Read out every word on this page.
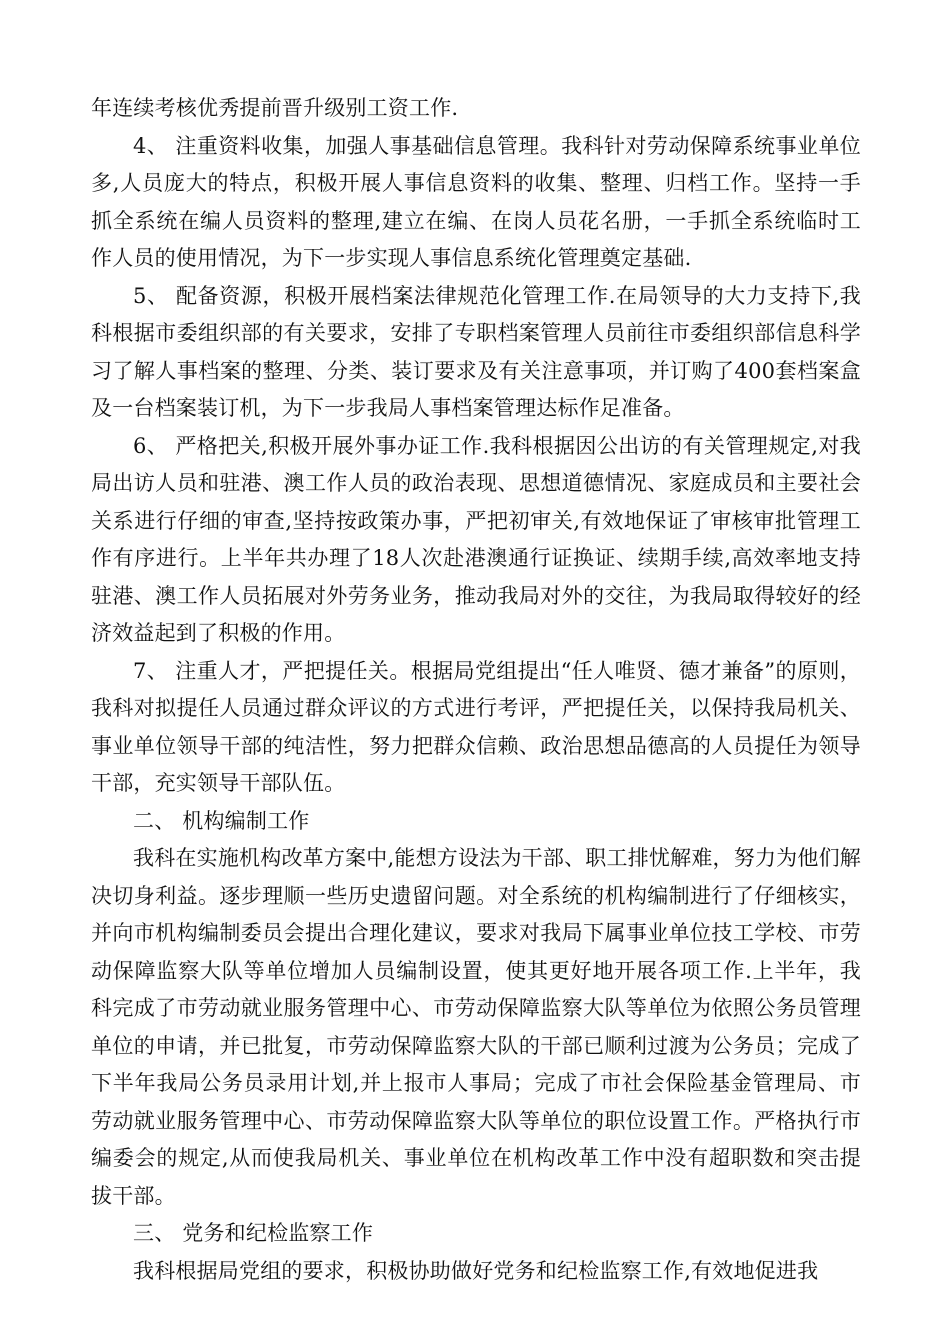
年连续考核优秀提前晋升级别工资工作.

4、 注重资料收集，加强人事基础信息管理。我科针对劳动保障系统事业单位多,人员庞大的特点，积极开展人事信息资料的收集、整理、归档工作。坚持一手抓全系统在编人员资料的整理,建立在编、在岗人员花名册，一手抓全系统临时工作人员的使用情况，为下一步实现人事信息系统化管理奠定基础.

5、 配备资源，积极开展档案法律规范化管理工作.在局领导的大力支持下,我科根据市委组织部的有关要求，安排了专职档案管理人员前往市委组织部信息科学习了解人事档案的整理、分类、装订要求及有关注意事项，并订购了400套档案盒及一台档案装订机，为下一步我局人事档案管理达标作足准备。

6、 严格把关,积极开展外事办证工作.我科根据因公出访的有关管理规定,对我局出访人员和驻港、澳工作人员的政治表现、思想道德情况、家庭成员和主要社会关系进行仔细的审查,坚持按政策办事，严把初审关,有效地保证了审核审批管理工作有序进行。上半年共办理了18人次赴港澳通行证换证、续期手续,高效率地支持驻港、澳工作人员拓展对外劳务业务，推动我局对外的交往，为我局取得较好的经济效益起到了积极的作用。

7、 注重人才，严把提任关。根据局党组提出“任人唯贤、德才兼备”的原则，我科对拟提任人员通过群众评议的方式进行考评，严把提任关，以保持我局机关、事业单位领导干部的纯洁性，努力把群众信赖、政治思想品德高的人员提任为领导干部，充实领导干部队伍。

二、 机构编制工作

我科在实施机构改革方案中,能想方设法为干部、职工排忧解难，努力为他们解决切身利益。逐步理顺一些历史遗留问题。对全系统的机构编制进行了仔细核实，并向市机构编制委员会提出合理化建议，要求对我局下属事业单位技工学校、市劳动保障监察大队等单位增加人员编制设置，使其更好地开展各项工作.上半年，我科完成了市劳动就业服务管理中心、市劳动保障监察大队等单位为依照公务员管理单位的申请，并已批复，市劳动保障监察大队的干部已顺利过渡为公务员；完成了下半年我局公务员录用计划,并上报市人事局；完成了市社会保险基金管理局、市劳动就业服务管理中心、市劳动保障监察大队等单位的职位设置工作。严格执行市编委会的规定,从而使我局机关、事业单位在机构改革工作中没有超职数和突击提拔干部。

三、 党务和纪检监察工作

我科根据局党组的要求，积极协助做好党务和纪检监察工作,有效地促进我
